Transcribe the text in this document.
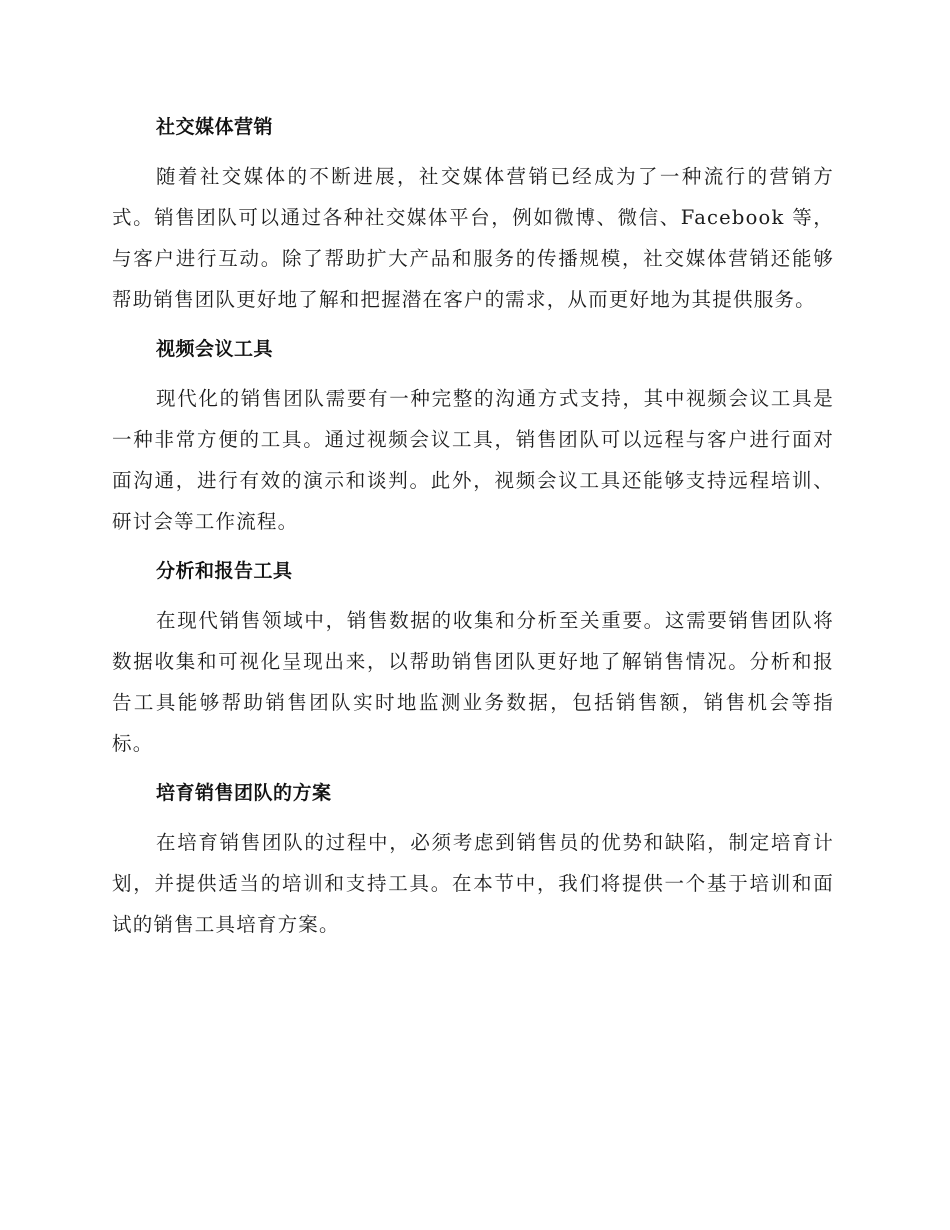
社交媒体营销

随着社交媒体的不断进展，社交媒体营销已经成为了一种流行的营销方式。销售团队可以通过各种社交媒体平台，例如微博、微信、Facebook 等，与客户进行互动。除了帮助扩大产品和服务的传播规模，社交媒体营销还能够帮助销售团队更好地了解和把握潜在客户的需求，从而更好地为其提供服务。

视频会议工具

现代化的销售团队需要有一种完整的沟通方式支持，其中视频会议工具是一种非常方便的工具。通过视频会议工具，销售团队可以远程与客户进行面对面沟通，进行有效的演示和谈判。此外，视频会议工具还能够支持远程培训、研讨会等工作流程。

分析和报告工具

在现代销售领域中，销售数据的收集和分析至关重要。这需要销售团队将数据收集和可视化呈现出来，以帮助销售团队更好地了解销售情况。分析和报告工具能够帮助销售团队实时地监测业务数据，包括销售额，销售机会等指标。

培育销售团队的方案

在培育销售团队的过程中，必须考虑到销售员的优势和缺陷，制定培育计划，并提供适当的培训和支持工具。在本节中，我们将提供一个基于培训和面试的销售工具培育方案。
